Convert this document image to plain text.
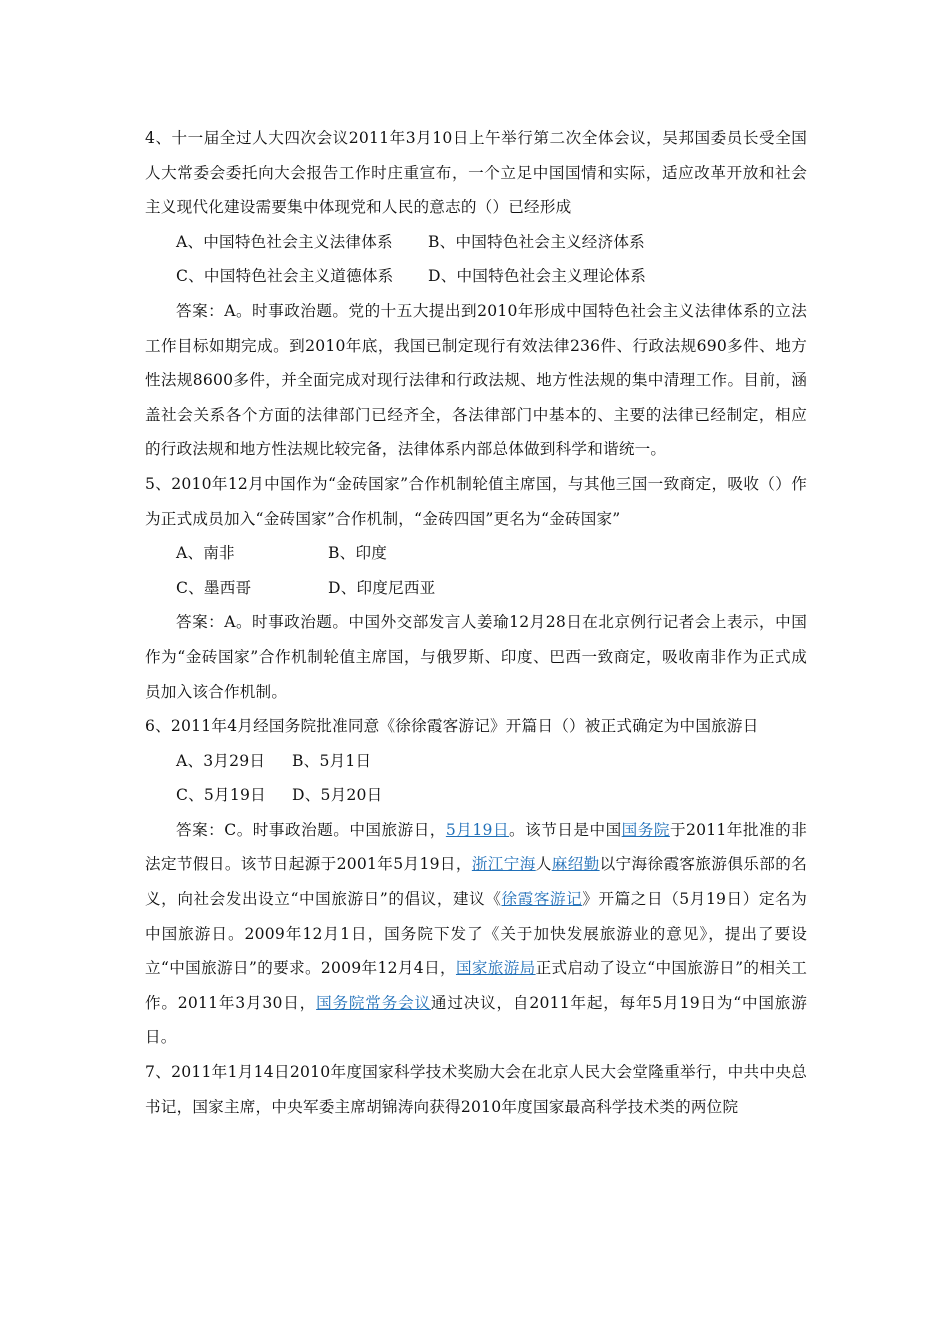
4、十一届全过人大四次会议2011年3月10日上午举行第二次全体会议，吴邦国委员长受全国人大常委会委托向大会报告工作时庄重宣布，一个立足中国国情和实际，适应改革开放和社会主义现代化建设需要集中体现党和人民的意志的（）已经形成

A、中国特色社会主义法律体系 B、中国特色社会主义经济体系

C、中国特色社会主义道德体系 D、中国特色社会主义理论体系

答案：A。时事政治题。党的十五大提出到2010年形成中国特色社会主义法律体系的立法工作目标如期完成。到2010年底，我国已制定现行有效法律236件、行政法规690多件、地方性法规8600多件，并全面完成对现行法律和行政法规、地方性法规的集中清理工作。目前，涵盖社会关系各个方面的法律部门已经齐全，各法律部门中基本的、主要的法律已经制定，相应的行政法规和地方性法规比较完备，法律体系内部总体做到科学和谐统一。

5、2010年12月中国作为“金砖国家”合作机制轮值主席国，与其他三国一致商定，吸收（）作为正式成员加入“金砖国家”合作机制，“金砖四国”更名为“金砖国家”

A、南非	B、印度

C、墨西哥	D、印度尼西亚

答案：A。时事政治题。中国外交部发言人姜瑜12月28日在北京例行记者会上表示，中国作为“金砖国家”合作机制轮值主席国，与俄罗斯、印度、巴西一致商定，吸收南非作为正式成员加入该合作机制。

6、2011年4月经国务院批准同意《徐徐霞客游记》开篇日（）被正式确定为中国旅游日

A、3月29日 B、5月1日

C、5月19日 D、5月20日

答案：C。时事政治题。中国旅游日，5月19日。该节日是中国国务院于2011年批准的非法定节假日。该节日起源于2001年5月19日，浙江宁海人麻绍勤以宁海徐霞客旅游俱乐部的名义，向社会发出设立“中国旅游日”的倡议，建议《徐霞客游记》开篇之日（5月19日）定名为中国旅游日。2009年12月1日，国务院下发了《关于加快发展旅游业的意见》，提出了要设立“中国旅游日”的要求。2009年12月4日，国家旅游局正式启动了设立“中国旅游日”的相关工作。2011年3月30日，国务院常务会议通过决议，自2011年起，每年5月19日为“中国旅游日。

7、2011年1月14日2010年度国家科学技术奖励大会在北京人民大会堂隆重举行，中共中央总书记，国家主席，中央军委主席胡锦涛向获得2010年度国家最高科学技术类的两位院
